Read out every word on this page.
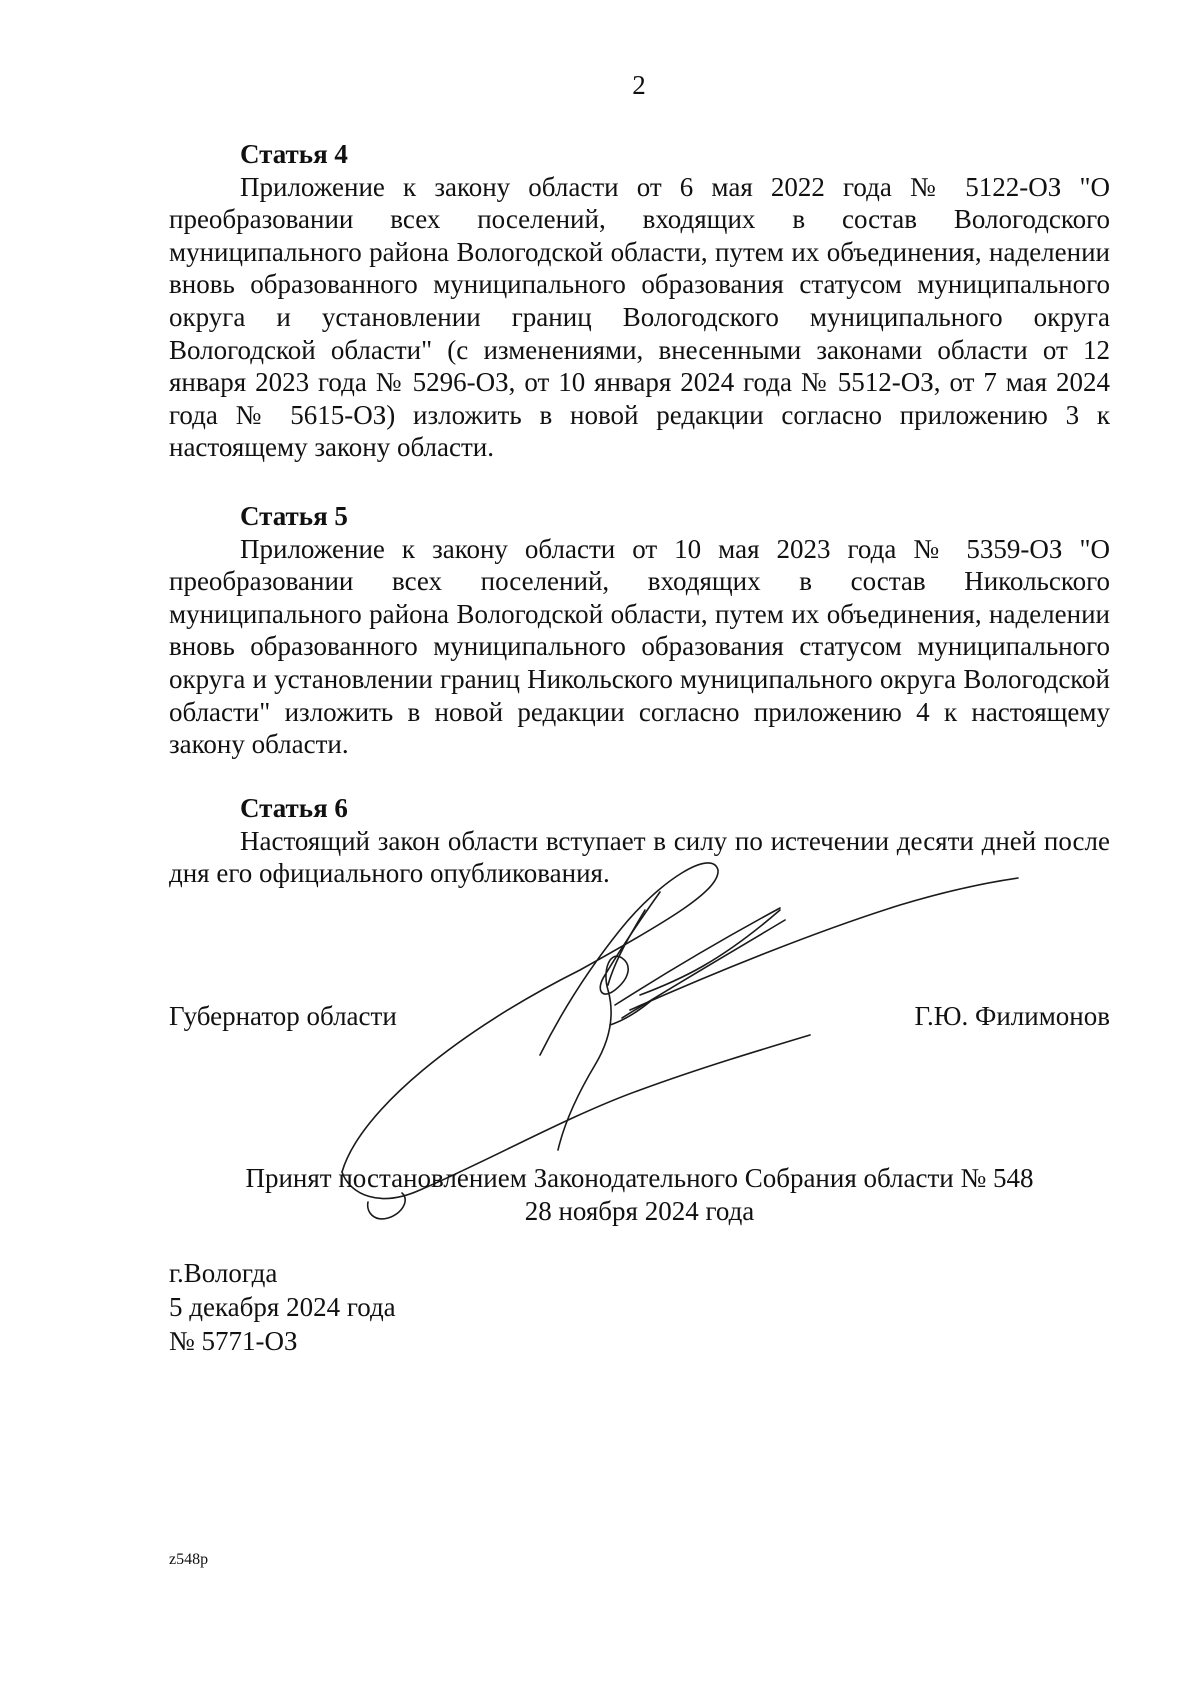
2
Статья 4

Приложение к закону области от 6 мая 2022 года № 5122-ОЗ "О преобразовании всех поселений, входящих в состав Вологодского муниципального района Вологодской области, путем их объединения, наделении вновь образованного муниципального образования статусом муниципального округа и установлении границ Вологодского муниципального округа Вологодской области" (с изменениями, внесенными законами области от 12 января 2023 года № 5296-ОЗ, от 10 января 2024 года № 5512-ОЗ, от 7 мая 2024 года № 5615-ОЗ) изложить в новой редакции согласно приложению 3 к настоящему закону области.

Статья 5

Приложение к закону области от 10 мая 2023 года № 5359-ОЗ "О преобразовании всех поселений, входящих в состав Никольского муниципального района Вологодской области, путем их объединения, наделении вновь образованного муниципального образования статусом муниципального округа и установлении границ Никольского муниципального округа Вологодской области" изложить в новой редакции согласно приложению 4 к настоящему закону области.

Статья 6

Настоящий закон области вступает в силу по истечении десяти дней после дня его официального опубликования.

Губернатор области	Г.Ю. Филимонов
Принят постановлением Законодательного Собрания области № 548
28 ноября 2024 года
г.Вологда
5 декабря 2024 года
№ 5771-ОЗ
z548p
